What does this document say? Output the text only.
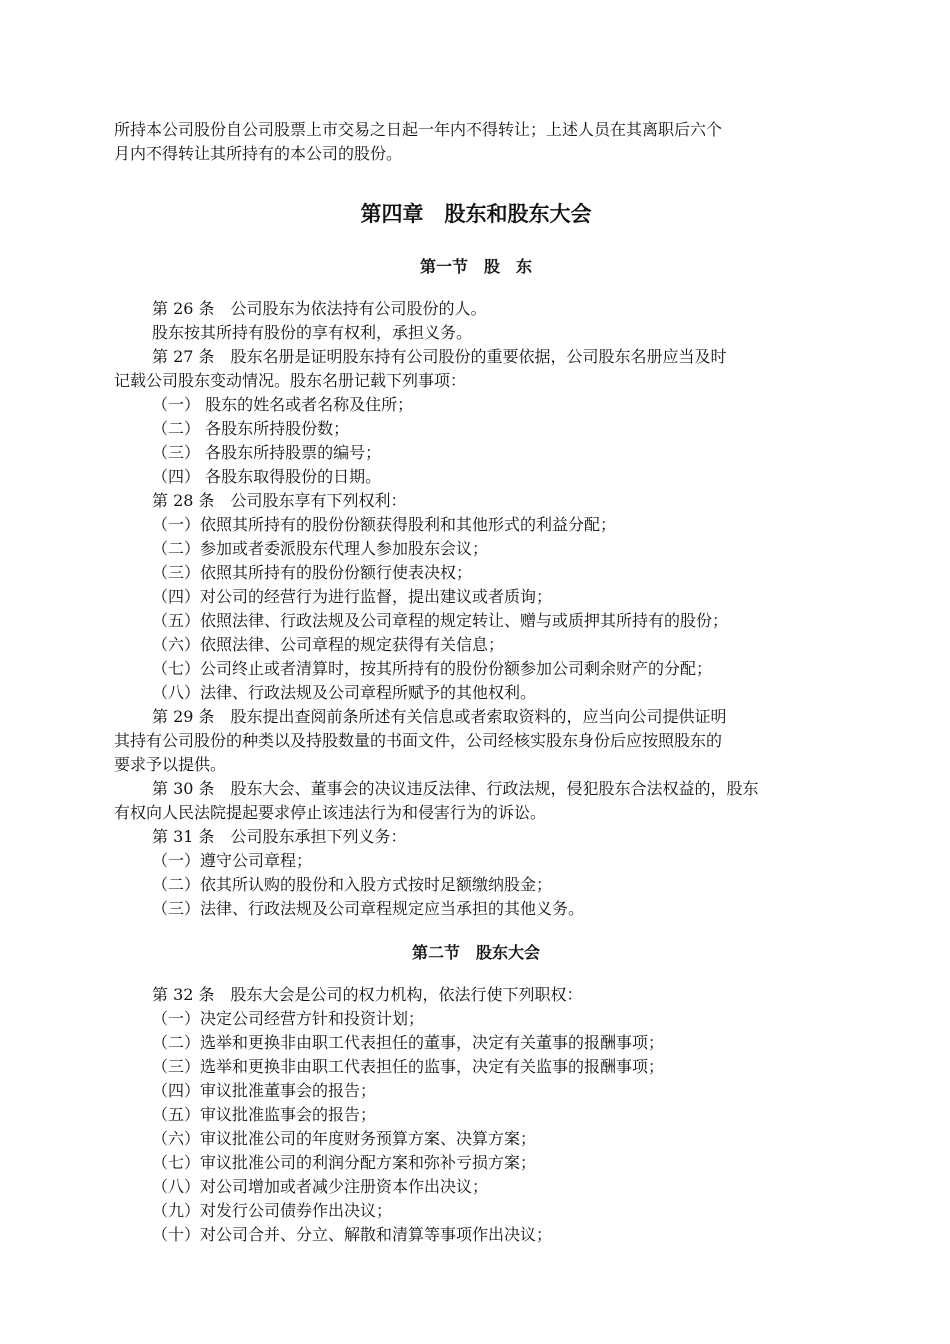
所持本公司股份自公司股票上市交易之日起一年内不得转让；上述人员在其离职后六个
月内不得转让其所持有的本公司的股份。
第四章　股东和股东大会
第一节　股　东
第 26 条　公司股东为依法持有公司股份的人。
股东按其所持有股份的享有权利，承担义务。
第 27 条　股东名册是证明股东持有公司股份的重要依据，公司股东名册应当及时
记载公司股东变动情况。股东名册记载下列事项：
（一） 股东的姓名或者名称及住所；
（二） 各股东所持股份数；
（三） 各股东所持股票的编号；
（四） 各股东取得股份的日期。
第 28 条　公司股东享有下列权利：
（一）依照其所持有的股份份额获得股利和其他形式的利益分配；
（二）参加或者委派股东代理人参加股东会议；
（三）依照其所持有的股份份额行使表决权；
（四）对公司的经营行为进行监督，提出建议或者质询；
（五）依照法律、行政法规及公司章程的规定转让、赠与或质押其所持有的股份；
（六）依照法律、公司章程的规定获得有关信息；
（七）公司终止或者清算时，按其所持有的股份份额参加公司剩余财产的分配；
（八）法律、行政法规及公司章程所赋予的其他权利。
第 29 条　股东提出查阅前条所述有关信息或者索取资料的，应当向公司提供证明
其持有公司股份的种类以及持股数量的书面文件，公司经核实股东身份后应按照股东的
要求予以提供。
第 30 条　股东大会、董事会的决议违反法律、行政法规，侵犯股东合法权益的，股东
有权向人民法院提起要求停止该违法行为和侵害行为的诉讼。
第 31 条　公司股东承担下列义务：
（一）遵守公司章程；
（二）依其所认购的股份和入股方式按时足额缴纳股金；
（三）法律、行政法规及公司章程规定应当承担的其他义务。
第二节　股东大会
第 32 条　股东大会是公司的权力机构，依法行使下列职权：
（一）决定公司经营方针和投资计划；
（二）选举和更换非由职工代表担任的董事，决定有关董事的报酬事项；
（三）选举和更换非由职工代表担任的监事，决定有关监事的报酬事项；
（四）审议批准董事会的报告；
（五）审议批准监事会的报告；
（六）审议批准公司的年度财务预算方案、决算方案；
（七）审议批准公司的利润分配方案和弥补亏损方案；
（八）对公司增加或者减少注册资本作出决议；
（九）对发行公司债券作出决议；
（十）对公司合并、分立、解散和清算等事项作出决议；
